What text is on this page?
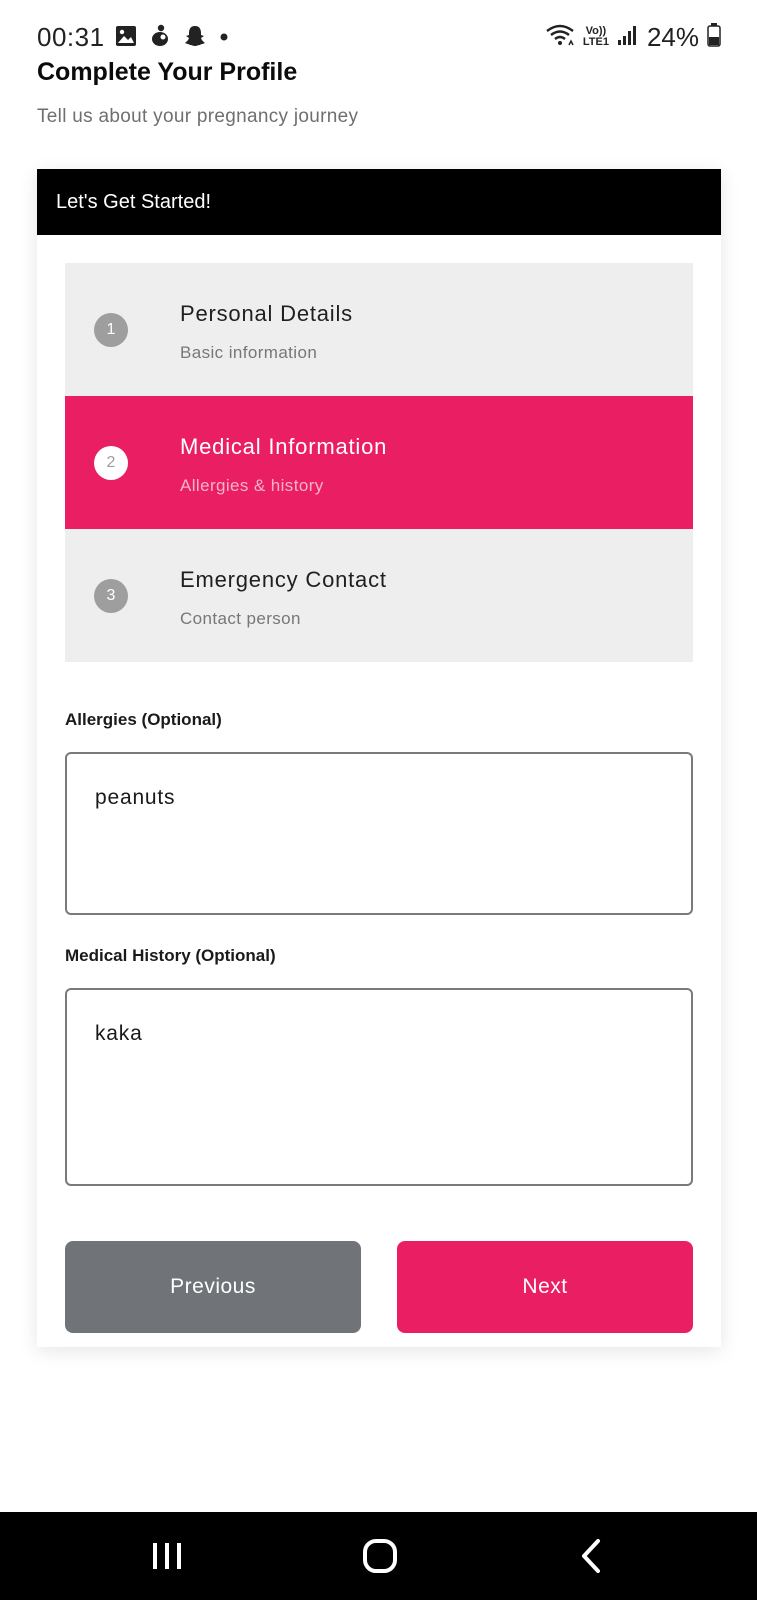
00:31	Vo))
LTE1 24%
Complete Your Profile

Tell us about your pregnancy journey

Let's Get Started!
1
Personal Details
Basic information
2
Medical Information
Allergies & history
3
Emergency Contact
Contact person
Allergies (Optional)
peanuts
Medical History (Optional)
kaka
Previous	Next
